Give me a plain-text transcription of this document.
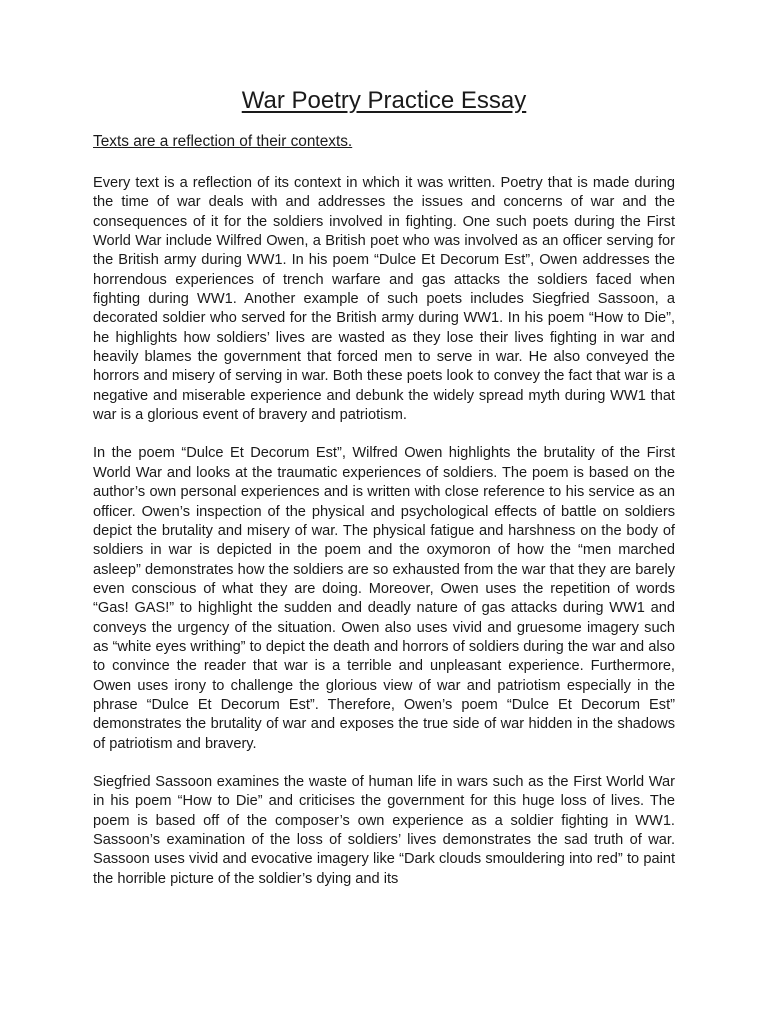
War Poetry Practice Essay
Texts are a reflection of their contexts.

Every text is a reflection of its context in which it was written. Poetry that is made during the time of war deals with and addresses the issues and concerns of war and the consequences of it for the soldiers involved in fighting. One such poets during the First World War include Wilfred Owen, a British poet who was involved as an officer serving for the British army during WW1. In his poem “Dulce Et Decorum Est”, Owen addresses the horrendous experiences of trench warfare and gas attacks the soldiers faced when fighting during WW1. Another example of such poets includes Siegfried Sassoon, a decorated soldier who served for the British army during WW1. In his poem “How to Die”, he highlights how soldiers’ lives are wasted as they lose their lives fighting in war and heavily blames the government that forced men to serve in war. He also conveyed the horrors and misery of serving in war. Both these poets look to convey the fact that war is a negative and miserable experience and debunk the widely spread myth during WW1 that war is a glorious event of bravery and patriotism.

In the poem “Dulce Et Decorum Est”, Wilfred Owen highlights the brutality of the First World War and looks at the traumatic experiences of soldiers. The poem is based on the author’s own personal experiences and is written with close reference to his service as an officer. Owen’s inspection of the physical and psychological effects of battle on soldiers depict the brutality and misery of war. The physical fatigue and harshness on the body of soldiers in war is depicted in the poem and the oxymoron of how the “men marched asleep” demonstrates how the soldiers are so exhausted from the war that they are barely even conscious of what they are doing. Moreover, Owen uses the repetition of words “Gas! GAS!” to highlight the sudden and deadly nature of gas attacks during WW1 and conveys the urgency of the situation. Owen also uses vivid and gruesome imagery such as “white eyes writhing” to depict the death and horrors of soldiers during the war and also to convince the reader that war is a terrible and unpleasant experience. Furthermore, Owen uses irony to challenge the glorious view of war and patriotism especially in the phrase “Dulce Et Decorum Est”. Therefore, Owen’s poem “Dulce Et Decorum Est” demonstrates the brutality of war and exposes the true side of war hidden in the shadows of patriotism and bravery.

Siegfried Sassoon examines the waste of human life in wars such as the First World War in his poem “How to Die” and criticises the government for this huge loss of lives. The poem is based off of the composer’s own experience as a soldier fighting in WW1. Sassoon’s examination of the loss of soldiers’ lives demonstrates the sad truth of war. Sassoon uses vivid and evocative imagery like “Dark clouds smouldering into red” to paint the horrible picture of the soldier’s dying and its
